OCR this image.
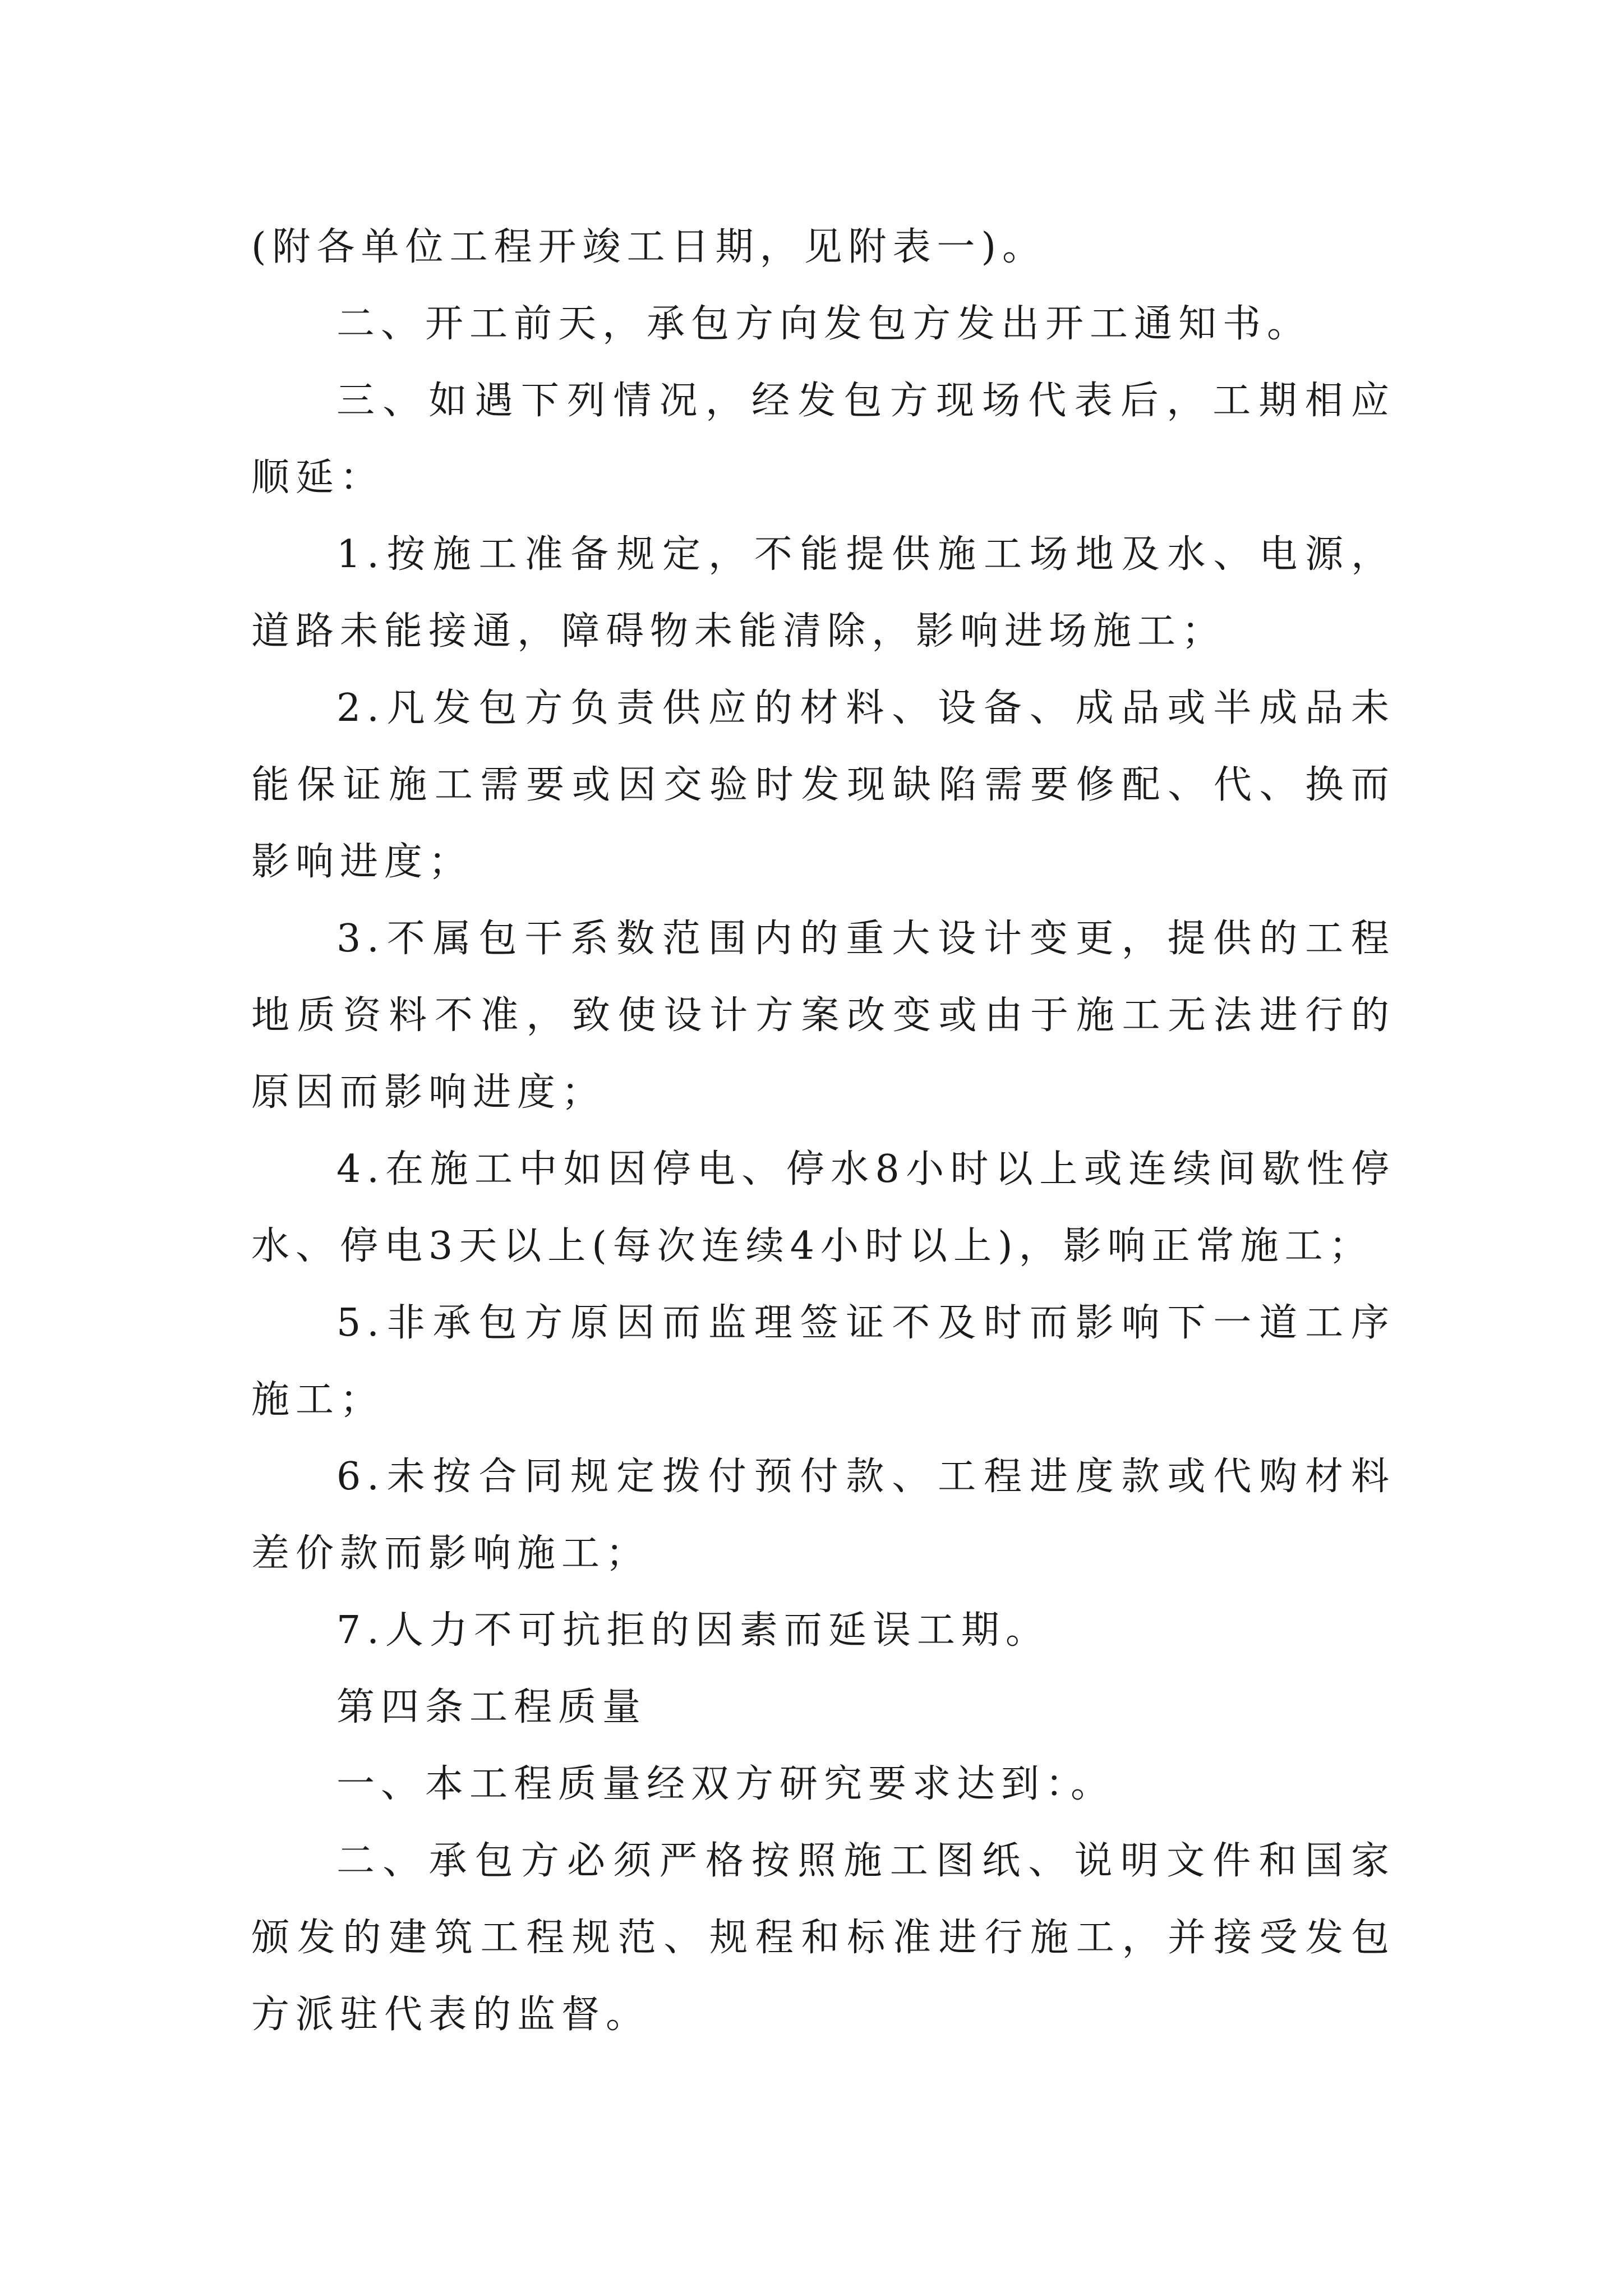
(附各单位工程开竣工日期，见附表一)。

二、开工前天，承包方向发包方发出开工通知书。

三、如遇下列情况，经发包方现场代表后，工期相应顺延：

1.按施工准备规定，不能提供施工场地及水、电源，道路未能接通，障碍物未能清除，影响进场施工；

2.凡发包方负责供应的材料、设备、成品或半成品未能保证施工需要或因交验时发现缺陷需要修配、代、换而影响进度；

3.不属包干系数范围内的重大设计变更，提供的工程地质资料不准，致使设计方案改变或由于施工无法进行的原因而影响进度；

4.在施工中如因停电、停水8小时以上或连续间歇性停水、停电3天以上(每次连续4小时以上)，影响正常施工；

5.非承包方原因而监理签证不及时而影响下一道工序施工；

6.未按合同规定拨付预付款、工程进度款或代购材料差价款而影响施工；

7.人力不可抗拒的因素而延误工期。

第四条工程质量

一、本工程质量经双方研究要求达到：。

二、承包方必须严格按照施工图纸、说明文件和国家颁发的建筑工程规范、规程和标准进行施工，并接受发包方派驻代表的监督。
